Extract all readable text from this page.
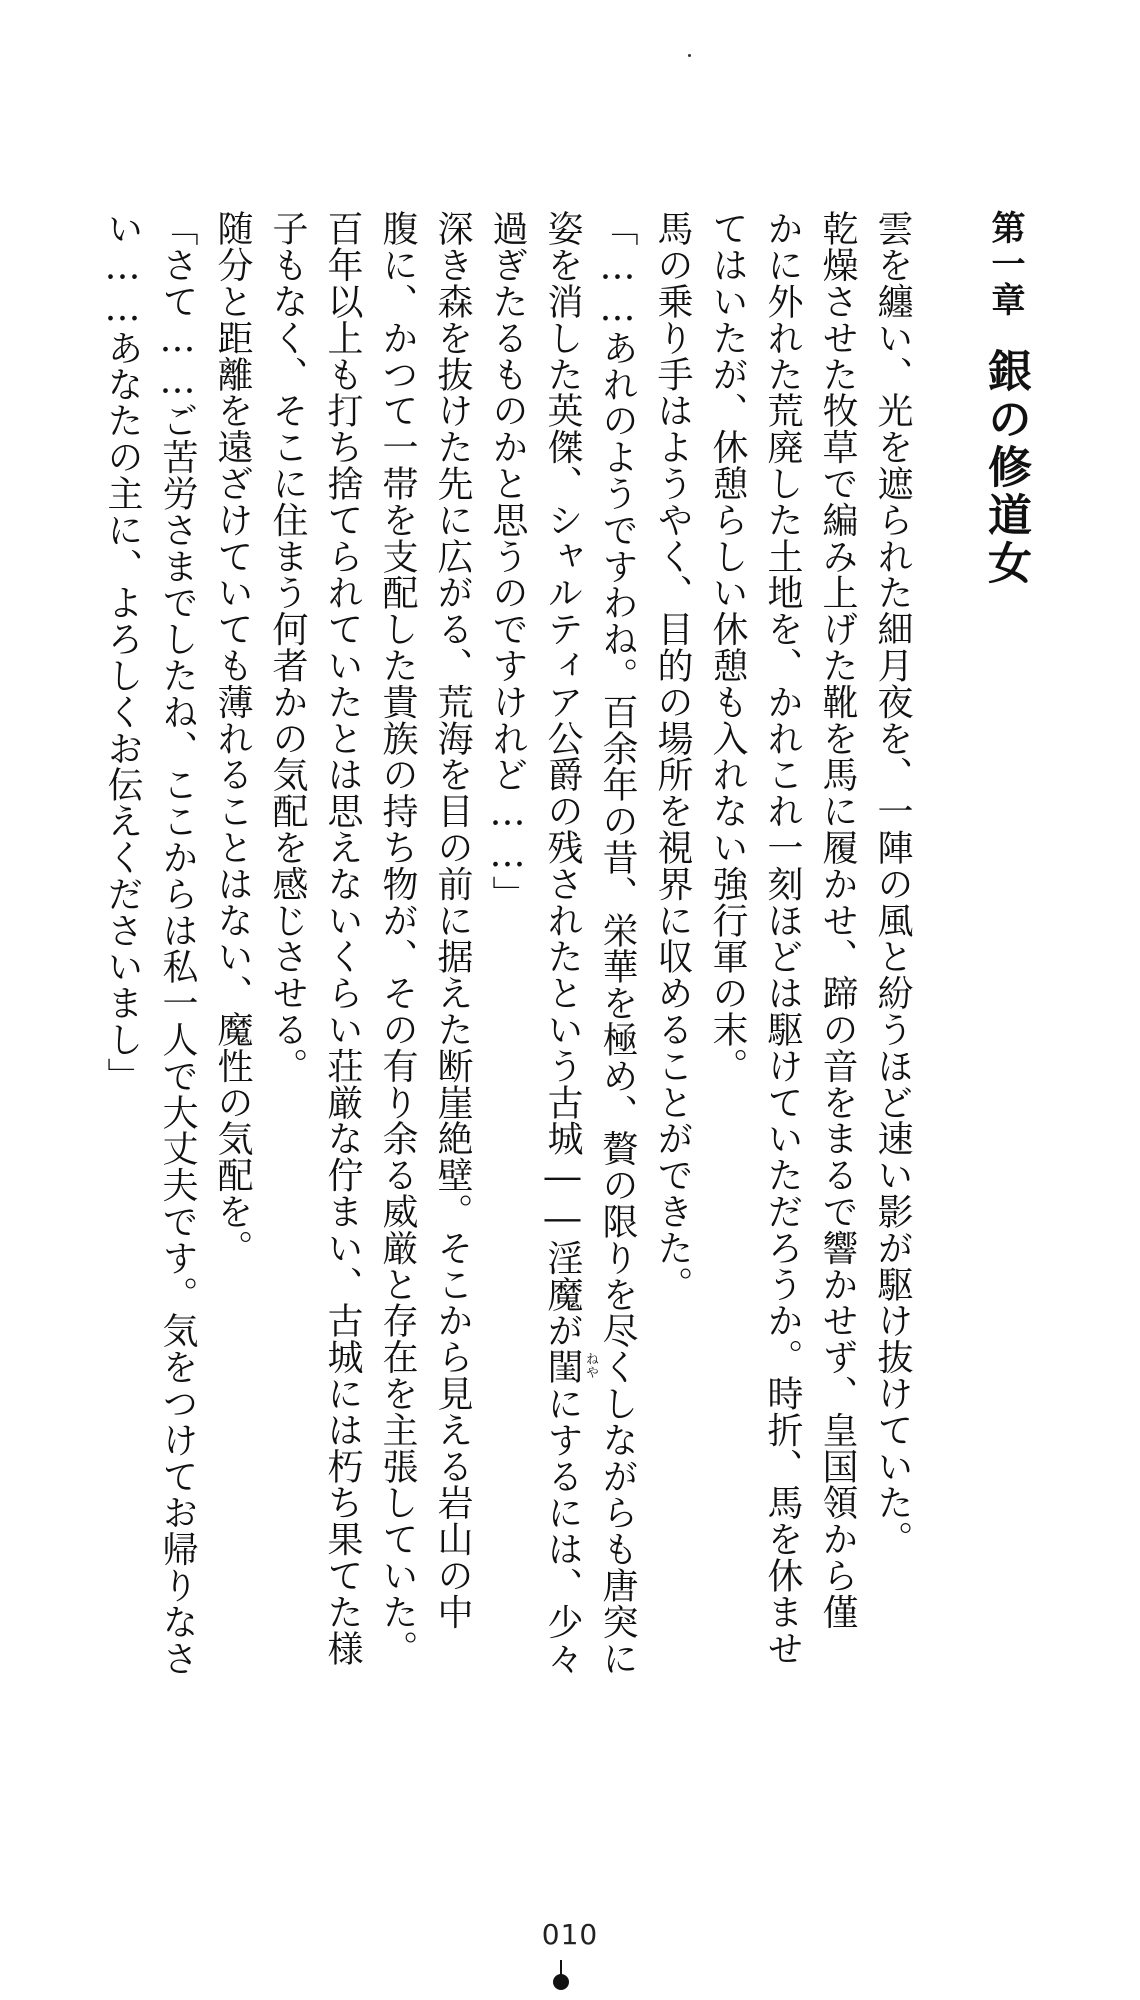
第一章銀の修道女
雲を纏い、光を遮られた細月夜を、一陣の風と紛うほど速い影が駆け抜けていた。
乾燥させた牧草で編み上げた靴を馬に履かせ、蹄の音をまるで響かせず、皇国領から僅
かに外れた荒廃した土地を、かれこれ一刻ほどは駆けていただろうか。時折、馬を休ませ
てはいたが、休憩らしい休憩も入れない強行軍の末。
馬の乗り手はようやく、目的の場所を視界に収めることができた。
「……あれのようですわね。百余年の昔、栄華を極め、贅の限りを尽くしながらも唐突に
姿を消した英傑、シャルティア公爵の残されたという古城――淫魔が閨 ねや
にするには、少々
過ぎたるものかと思うのですけれど……」
深き森を抜けた先に広がる、荒海を目の前に据えた断崖絶壁。そこから見える岩山の中
腹に、かつて一帯を支配した貴族の持ち物が、その有り余る威厳と存在を主張していた。
百年以上も打ち捨てられていたとは思えないくらい荘厳な佇まい、古城には朽ち果てた様
子もなく、そこに住まう何者かの気配を感じさせる。
随分と距離を遠ざけていても薄れることはない、魔性の気配を。
「さて……ご苦労さまでしたね、ここからは私一人で大丈夫です。気をつけてお帰りなさ
い……あなたの主に、よろしくお伝えくださいまし」
010
